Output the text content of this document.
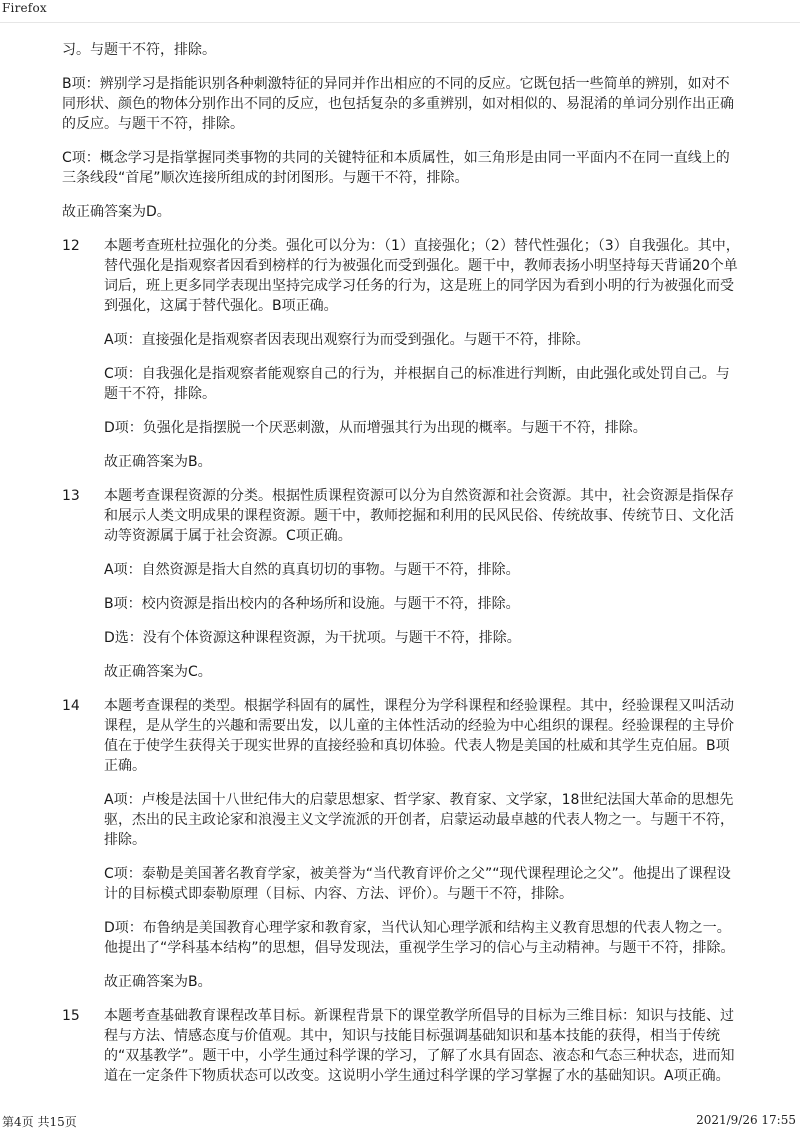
Firefox

习。与题干不符，排除。

B项：辨别学习是指能识别各种刺激特征的异同并作出相应的不同的反应。它既包括一些简单的辨别，如对不同形状、颜色的物体分别作出不同的反应，也包括复杂的多重辨别，如对相似的、易混淆的单词分别作出正确的反应。与题干不符，排除。

C项：概念学习是指掌握同类事物的共同的关键特征和本质属性，如三角形是由同一平面内不在同一直线上的三条线段“首尾”顺次连接所组成的封闭图形。与题干不符，排除。

故正确答案为D。

12	本题考查班杜拉强化的分类。强化可以分为：（1）直接强化；（2）替代性强化；（3）自我强化。其中，替代强化是指观察者因看到榜样的行为被强化而受到强化。题干中，教师表扬小明坚持每天背诵20个单词后，班上更多同学表现出坚持完成学习任务的行为，这是班上的同学因为看到小明的行为被强化而受到强化，这属于替代强化。B项正确。

A项：直接强化是指观察者因表现出观察行为而受到强化。与题干不符，排除。

C项：自我强化是指观察者能观察自己的行为，并根据自己的标准进行判断，由此强化或处罚自己。与题干不符，排除。

D项：负强化是指摆脱一个厌恶刺激，从而增强其行为出现的概率。与题干不符，排除。

故正确答案为B。

13	本题考查课程资源的分类。根据性质课程资源可以分为自然资源和社会资源。其中，社会资源是指保存和展示人类文明成果的课程资源。题干中，教师挖掘和利用的民风民俗、传统故事、传统节日、文化活动等资源属于属于社会资源。C项正确。

A项：自然资源是指大自然的真真切切的事物。与题干不符，排除。

B项：校内资源是指出校内的各种场所和设施。与题干不符，排除。

D选：没有个体资源这种课程资源，为干扰项。与题干不符，排除。

故正确答案为C。

14	本题考查课程的类型。根据学科固有的属性，课程分为学科课程和经验课程。其中，经验课程又叫活动课程，是从学生的兴趣和需要出发，以儿童的主体性活动的经验为中心组织的课程。经验课程的主导价值在于使学生获得关于现实世界的直接经验和真切体验。代表人物是美国的杜威和其学生克伯屈。B项正确。

A项：卢梭是法国十八世纪伟大的启蒙思想家、哲学家、教育家、文学家，18世纪法国大革命的思想先驱，杰出的民主政论家和浪漫主义文学流派的开创者，启蒙运动最卓越的代表人物之一。与题干不符，排除。

C项：泰勒是美国著名教育学家，被美誉为“当代教育评价之父”“现代课程理论之父”。他提出了课程设计的目标模式即泰勒原理（目标、内容、方法、评价）。与题干不符，排除。

D项：布鲁纳是美国教育心理学家和教育家，当代认知心理学派和结构主义教育思想的代表人物之一。他提出了“学科基本结构”的思想，倡导发现法，重视学生学习的信心与主动精神。与题干不符，排除。

故正确答案为B。

15	本题考查基础教育课程改革目标。新课程背景下的课堂教学所倡导的目标为三维目标：知识与技能、过程与方法、情感态度与价值观。其中，知识与技能目标强调基础知识和基本技能的获得，相当于传统的“双基教学”。题干中，小学生通过科学课的学习，了解了水具有固态、液态和气态三种状态，进而知道在一定条件下物质状态可以改变。这说明小学生通过科学课的学习掌握了水的基础知识。A项正确。
第4页 共15页	2021/9/26 17:55
